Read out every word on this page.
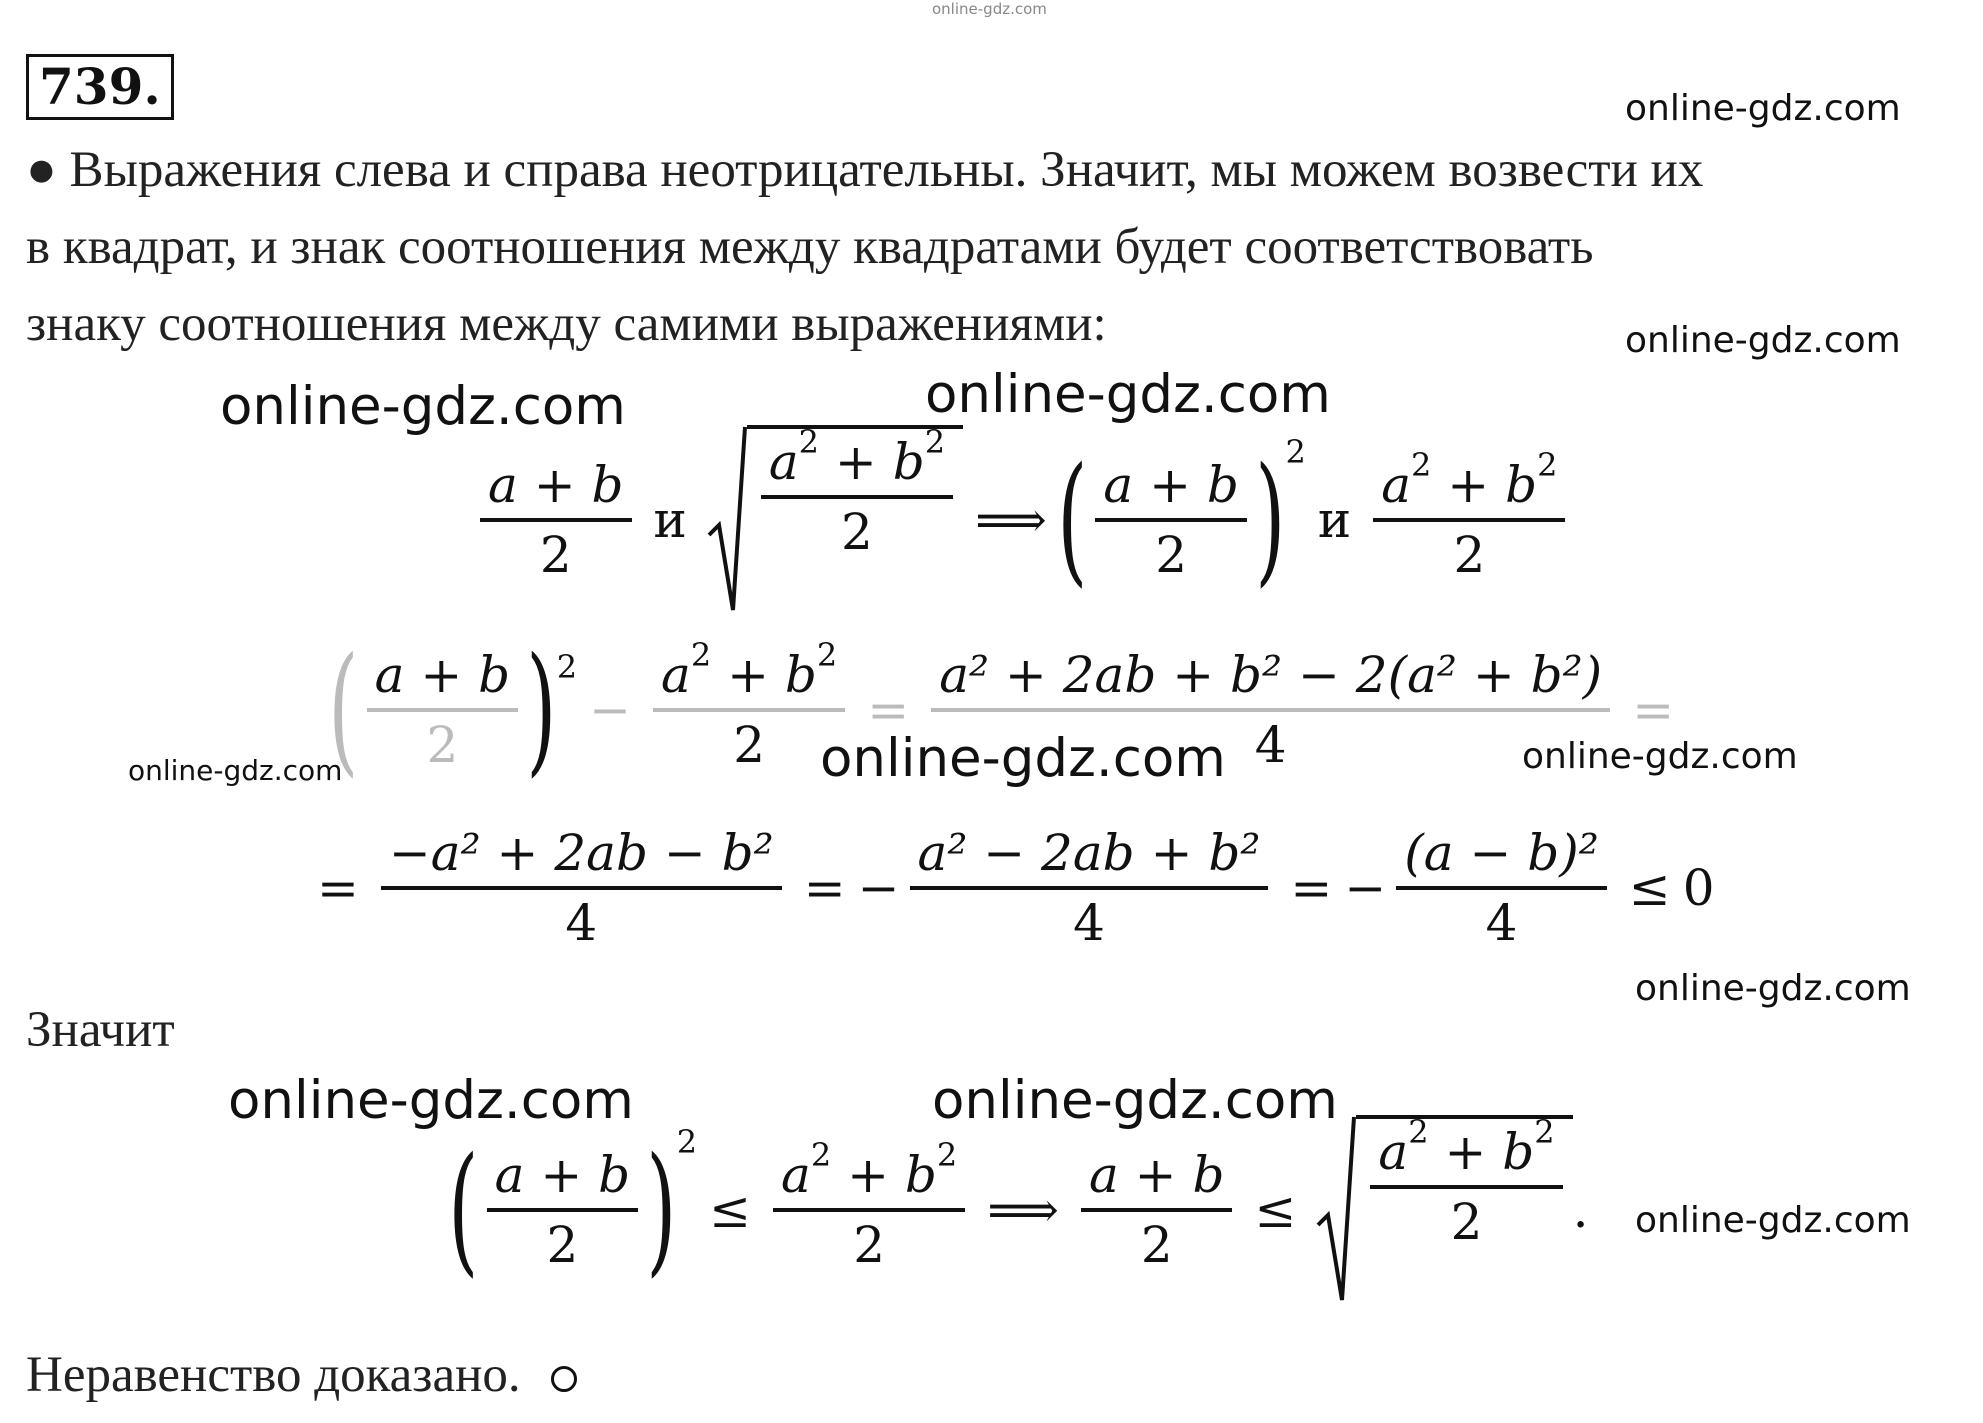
online-gdz.com
739.
● Выражения слева и справа неотрицательны. Значит, мы можем возвести их
в квадрат, и знак соотношения между квадратами будет соответствовать
знаку соотношения между самими выражениями:
online-gdz.com
online-gdz.com
online-gdz.com	online-gdz.com
online-gdz.com	online-gdz.com	online-gdz.com
online-gdz.com
online-gdz.com	online-gdz.com
online-gdz.com
$\frac{a + b}{2}$ и $\frac{a^2 + b^2}{2}$ ⟹ ( $\frac{a + b}{2}$ ) 2
и $\frac{a^2 + b^2}{2}$
( $\frac{a + b}{2}$ ) 2
− $\frac{a^2 + b^2}{2} = \frac{\text{a² + 2ab + b² − 2(a² + b²)}}{4}$ =
= $\frac{\text{−a² + 2ab − b²}}{4}$ = − $\frac{\text{a² − 2ab + b²}}{4}$ = − $\frac{\text{(a − b)²}}{4} \le 0$
Значит
( $\frac{a + b}{2}$ ) 2
≤ $\frac{a^2 + b^2}{2}$ ⟹ $\frac{a + b}{2} \le \frac{a^2 + b^2}{2}$ .
Неравенство доказано.
